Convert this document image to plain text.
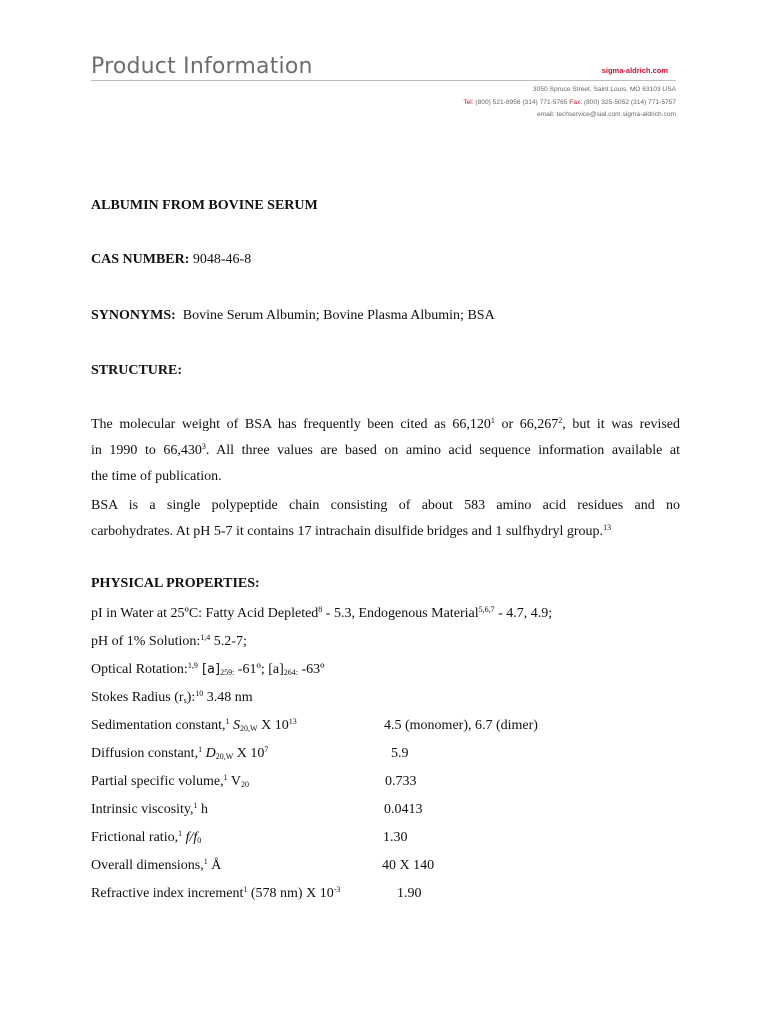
Product Information	sigma-aldrich.com
3050 Spruce Street, Saint Louis, MO 63103 USA
Tel: (800) 521-8956 (314) 771-5765 Fax: (800) 325-5052 (314) 771-5757
email: techservice@sial.com sigma-aldrich.com
ALBUMIN FROM BOVINE SERUM
CAS NUMBER: 9048-46-8
SYNONYMS: Bovine Serum Albumin; Bovine Plasma Albumin; BSA
STRUCTURE:
The molecular weight of BSA has frequently been cited as 66,120$^1$ or 66,267$^2$, but it was revised
in 1990 to 66,430$^3$. All three values are based on amino acid sequence information available at
the time of publication.
BSA is a single polypeptide chain consisting of about 583 amino acid residues and no
carbohydrates. At pH 5-7 it contains 17 intrachain disulfide bridges and 1 sulfhydryl group.$^{13}$
PHYSICAL PROPERTIES:
pI in Water at 25ºC: Fatty Acid Depleted$^8$ - 5.3, Endogenous Material$^{5,6,7}$ - 4.7, 4.9;
pH of 1% Solution:$^{1,4}$ 5.2-7;
Optical Rotation:$^{1,9}$ $[a]_{259:}$ -61º; $[a]_{264:}$ -63º
Stokes Radius $(r_s):^{10}$ 3.48 nm
Sedimentation constant,$^1$ $S_{20,W}$ X $10^{13}$	4.5 (monomer), 6.7 (dimer)
Diffusion constant,$^1$ $D_{20,W}$ X $10^7$	5.9
Partial specific volume,$^1$ $V_{20}$	0.733
Intrinsic viscosity,$^1$ h	0.0413
Frictional ratio,$^1$ $f/f_0$	1.30
Overall dimensions,$^1$ Å	40 X 140
Refractive index increment$^1$ (578 nm) X $10^{-3}$	1.90
